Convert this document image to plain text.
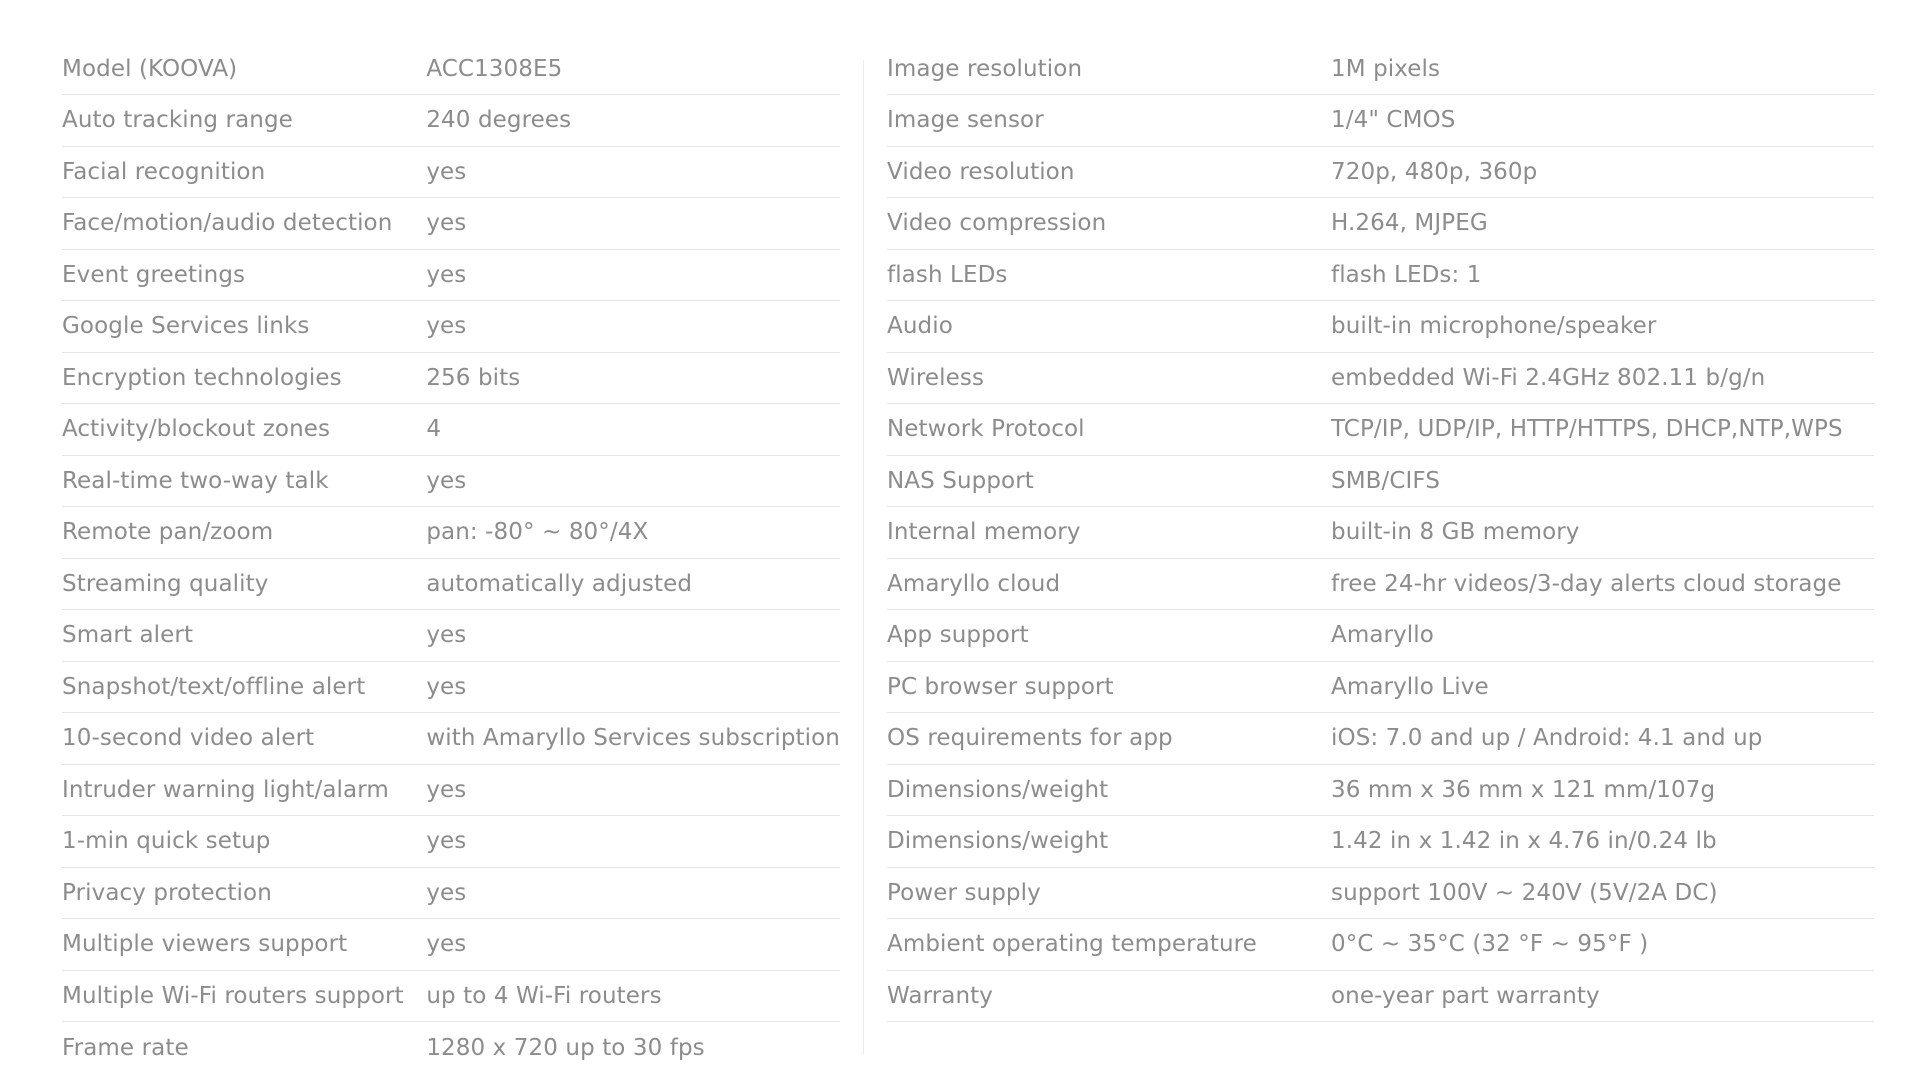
Model (KOOVA)	ACC1308E5
Auto tracking range	240 degrees
Facial recognition	yes
Face/motion/audio detection	yes
Event greetings	yes
Google Services links	yes
Encryption technologies	256 bits
Activity/blockout zones	4
Real-time two-way talk	yes
Remote pan/zoom	pan: -80° ~ 80°/4X
Streaming quality	automatically adjusted
Smart alert	yes
Snapshot/text/offline alert	yes
10-second video alert	with Amaryllo Services subscription
Intruder warning light/alarm	yes
1-min quick setup	yes
Privacy protection	yes
Multiple viewers support	yes
Multiple Wi-Fi routers support	up to 4 Wi-Fi routers
Frame rate	1280 x 720 up to 30 fps
Image resolution	1M pixels
Image sensor	1/4" CMOS
Video resolution	720p, 480p, 360p
Video compression	H.264, MJPEG
flash LEDs	flash LEDs: 1
Audio	built-in microphone/speaker
Wireless	embedded Wi-Fi 2.4GHz 802.11 b/g/n
Network Protocol	TCP/IP, UDP/IP, HTTP/HTTPS, DHCP,NTP,WPS
NAS Support	SMB/CIFS
Internal memory	built-in 8 GB memory
Amaryllo cloud	free 24-hr videos/3-day alerts cloud storage
App support	Amaryllo
PC browser support	Amaryllo Live
OS requirements for app	iOS: 7.0 and up / Android: 4.1 and up
Dimensions/weight	36 mm x 36 mm x 121 mm/107g
Dimensions/weight	1.42 in x 1.42 in x 4.76 in/0.24 lb
Power supply	support 100V ~ 240V (5V/2A DC)
Ambient operating temperature	0°C ~ 35°C (32 °F ~ 95°F )
Warranty	one-year part warranty
